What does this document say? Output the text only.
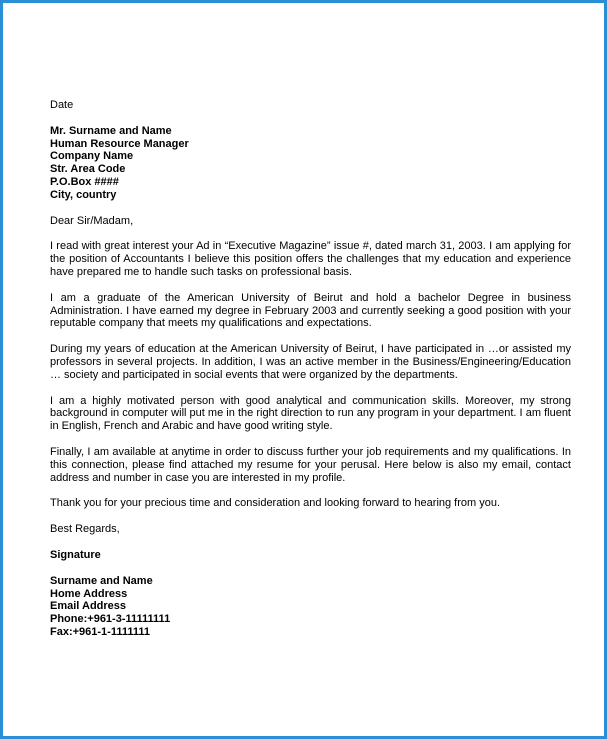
Date
Mr. Surname and Name
Human Resource Manager
Company Name
Str. Area Code
P.O.Box ####
City, country
Dear Sir/Madam,

I read with great interest your Ad in “Executive Magazine” issue #, dated march 31, 2003. I am applying for the position of Accountants I believe this position offers the challenges that my education and experience have prepared me to handle such tasks on professional basis.

I am a graduate of the American University of Beirut and hold a bachelor Degree in business Administration. I have earned my degree in February 2003 and currently seeking a good position with your reputable company that meets my qualifications and expectations.

During my years of education at the American University of Beirut, I have participated in …or assisted my professors in several projects. In addition, I was an active member in the Business/Engineering/Education … society and participated in social events that were organized by the departments.

I am a highly motivated person with good analytical and communication skills. Moreover, my strong background in computer will put me in the right direction to run any program in your department. I am fluent in English, French and Arabic and have good writing style.

Finally, I am available at anytime in order to discuss further your job requirements and my qualifications. In this connection, please find attached my resume for your perusal. Here below is also my email, contact address and number in case you are interested in my profile.

Thank you for your precious time and consideration and looking forward to hearing from you.

Best Regards,
Signature
Surname and Name
Home Address
Email Address
Phone:+961-3-11111111
Fax:+961-1-1111111
